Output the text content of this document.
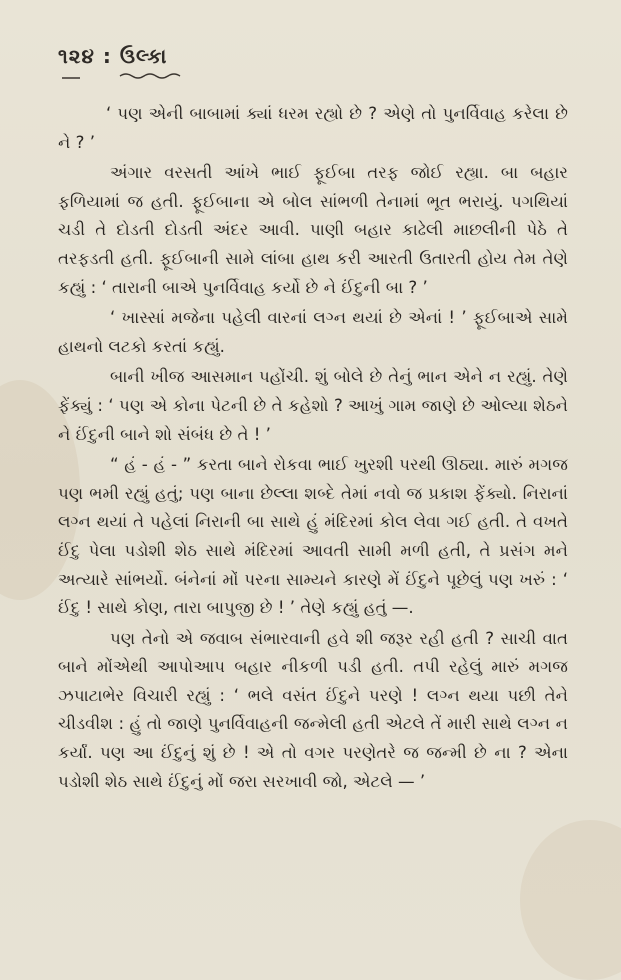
૧૨૪ : ઉલ્કા

‘ પણ એની બાબામાં ક્યાં ધરમ રહ્યો છે ? એણે તો પુનર્વિવાહ કરેલા છે ને ? ’

અંગાર વરસતી આંખે ભાઈ ફૂઈબા તરફ જોઈ રહ્યા. બા બહાર ફળિયામાં જ હતી. ફૂઈબાના એ બોલ સાંભળી તેનામાં ભૂત ભરાયું. પગથિયાં ચડી તે દોડતી દોડતી અંદર આવી. પાણી બહાર કાઢેલી માછલીની પેઠે તે તરફડતી હતી. ફૂઈબાની સામે લાંબા હાથ કરી આરતી ઉતારતી હોય તેમ તેણે કહ્યું : ‘ તારાની બાએ પુનર્વિવાહ કર્યો છે ને ઈંદુની બા ? ’

‘ ખાસ્સાં મજેના પહેલી વારનાં લગ્ન થયાં છે એનાં ! ’ ફૂઈબાએ સામે હાથનો લટકો કરતાં કહ્યું.

બાની ખીજ આસમાન પહોંચી. શું બોલે છે તેનું ભાન એને ન રહ્યું. તેણે ફેંક્યું : ‘ પણ એ કોના પેટની છે તે કહેશો ? આખું ગામ જાણે છે ઓલ્યા શેઠને ને ઈંદુની બાને શો સંબંધ છે તે ! ’

“ હં - હં - ” કરતા બાને રોકવા ભાઈ ખુરશી પરથી ઊઠ્યા. મારું મગજ પણ ભમી રહ્યું હતું; પણ બાના છેલ્લા શબ્દે તેમાં નવો જ પ્રકાશ ફેંક્યો. નિરાનાં લગ્ન થયાં તે પહેલાં નિરાની બા સાથે હું મંદિરમાં કોલ લેવા ગઈ હતી. તે વખતે ઈંદુ પેલા પડોશી શેઠ સાથે મંદિરમાં આવતી સામી મળી હતી, તે પ્રસંગ મને અત્યારે સાંભર્યો. બંનેનાં મોં પરના સામ્યને કારણે મેં ઈંદુને પૂછેલું પણ ખરું : ‘ ઈંદુ ! સાથે કોણ, તારા બાપુજી છે ! ’ તેણે કહ્યું હતું —.

પણ તેનો એ જવાબ સંભારવાની હવે શી જરૂર રહી હતી ? સાચી વાત બાને મોંએથી આપોઆપ બહાર નીકળી પડી હતી. તપી રહેલું મારું મગજ ઝપાટાભેર વિચારી રહ્યું : ‘ ભલે વસંત ઈંદુને પરણે ! લગ્ન થયા પછી તેને ચીડવીશ : હું તો જાણે પુનર્વિવાહની જન્મેલી હતી એટલે તેં મારી સાથે લગ્ન ન કર્યાં. પણ આ ઈંદુનું શું છે ! એ તો વગર પરણેતરે જ જન્મી છે ના ? એના પડોશી શેઠ સાથે ઈંદુનું મોં જરા સરખાવી જો, એટલે — ’
